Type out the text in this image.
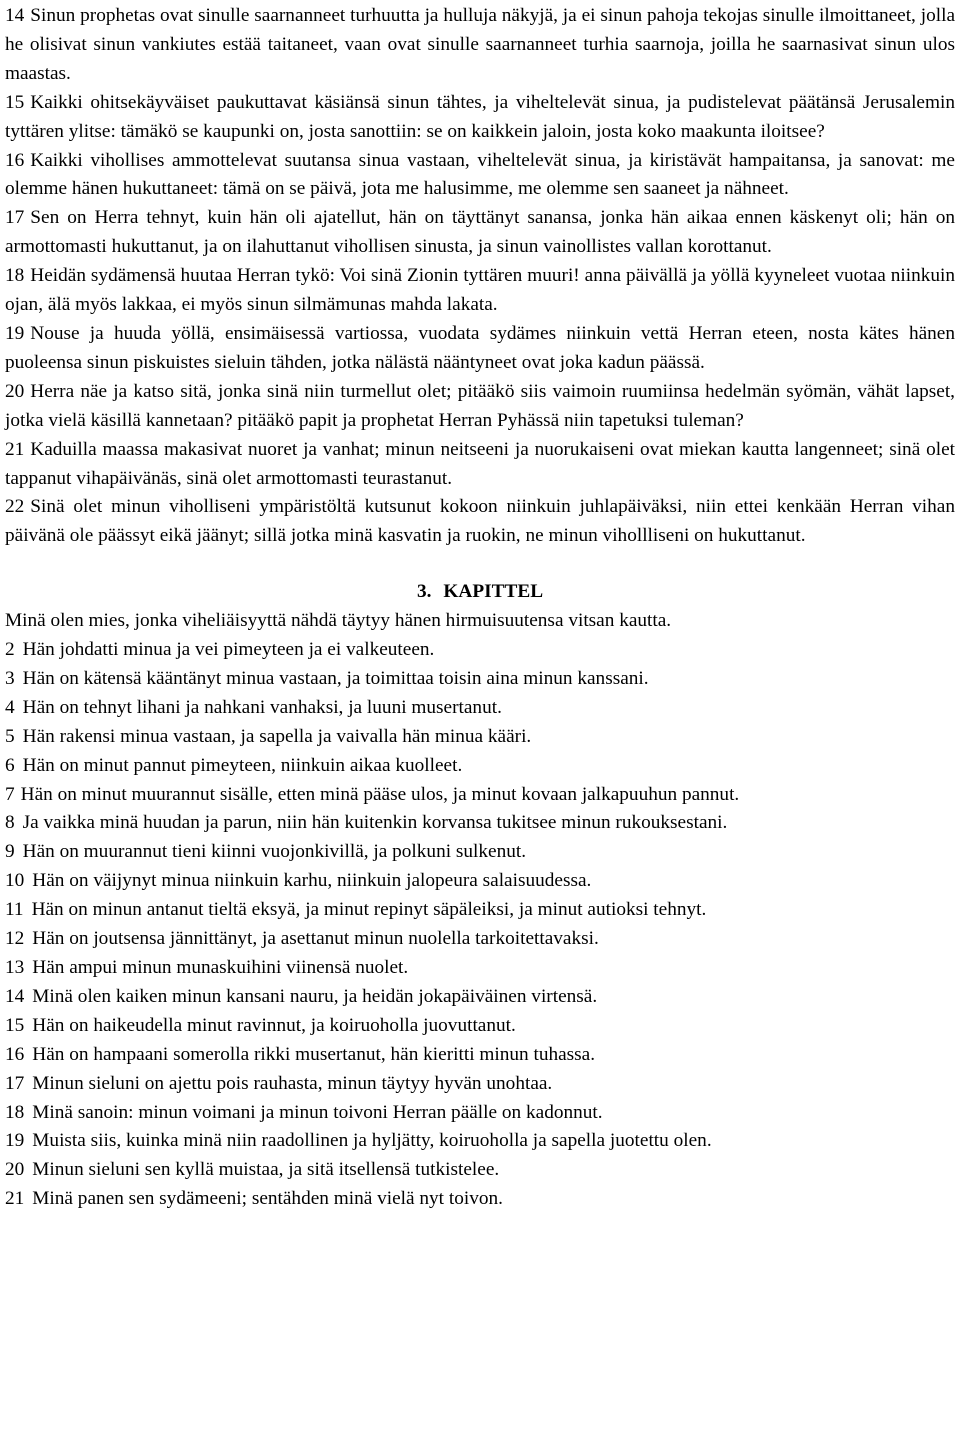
14 Sinun prophetas ovat sinulle saarnanneet turhuutta ja hulluja näkyjä, ja ei sinun pahoja tekojas sinulle ilmoittaneet, jolla he olisivat sinun vankiutes estää taitaneet, vaan ovat sinulle saarnanneet turhia saarnoja, joilla he saarnasivat sinun ulos maastas.

15 Kaikki ohitsekäyväiset paukuttavat käsiänsä sinun tähtes, ja viheltelevät sinua, ja pudistelevat päätänsä Jerusalemin tyttären ylitse: tämäkö se kaupunki on, josta sanottiin: se on kaikkein jaloin, josta koko maakunta iloitsee?

16 Kaikki vihollises ammottelevat suutansa sinua vastaan, viheltelevät sinua, ja kiristävät hampaitansa, ja sanovat: me olemme hänen hukuttaneet: tämä on se päivä, jota me halusimme, me olemme sen saaneet ja nähneet.

17 Sen on Herra tehnyt, kuin hän oli ajatellut, hän on täyttänyt sanansa, jonka hän aikaa ennen käskenyt oli; hän on armottomasti hukuttanut, ja on ilahuttanut vihollisen sinusta, ja sinun vainollistes vallan korottanut.

18 Heidän sydämensä huutaa Herran tykö: Voi sinä Zionin tyttären muuri! anna päivällä ja yöllä kyyneleet vuotaa niinkuin ojan, älä myös lakkaa, ei myös sinun silmämunas mahda lakata.

19 Nouse ja huuda yöllä, ensimäisessä vartiossa, vuodata sydämes niinkuin vettä Herran eteen, nosta kätes hänen puoleensa sinun piskuistes sieluin tähden, jotka nälästä nääntyneet ovat joka kadun päässä.

20 Herra näe ja katso sitä, jonka sinä niin turmellut olet; pitääkö siis vaimoin ruumiinsa hedelmän syömän, vähät lapset, jotka vielä käsillä kannetaan? pitääkö papit ja prophetat Herran Pyhässä niin tapetuksi tuleman?

21 Kaduilla maassa makasivat nuoret ja vanhat; minun neitseeni ja nuorukaiseni ovat miekan kautta langenneet; sinä olet tappanut vihapäivänäs, sinä olet armottomasti teurastanut.

22 Sinä olet minun viholliseni ympäristöltä kutsunut kokoon niinkuin juhlapäiväksi, niin ettei kenkään Herran vihan päivänä ole päässyt eikä jäänyt; sillä jotka minä kasvatin ja ruokin, ne minun vihollliseni on hukuttanut.

3. KAPITTEL

Minä olen mies, jonka viheliäisyyttä nähdä täytyy hänen hirmuisuutensa vitsan kautta.

2 Hän johdatti minua ja vei pimeyteen ja ei valkeuteen.

3 Hän on kätensä kääntänyt minua vastaan, ja toimittaa toisin aina minun kanssani.

4 Hän on tehnyt lihani ja nahkani vanhaksi, ja luuni musertanut.

5 Hän rakensi minua vastaan, ja sapella ja vaivalla hän minua kääri.

6 Hän on minut pannut pimeyteen, niinkuin aikaa kuolleet.

7 Hän on minut muurannut sisälle, etten minä pääse ulos, ja minut kovaan jalkapuuhun pannut.

8 Ja vaikka minä huudan ja parun, niin hän kuitenkin korvansa tukitsee minun rukouksestani.

9 Hän on muurannut tieni kiinni vuojonkivillä, ja polkuni sulkenut.

10 Hän on väijynyt minua niinkuin karhu, niinkuin jalopeura salaisuudessa.

11 Hän on minun antanut tieltä eksyä, ja minut repinyt säpäleiksi, ja minut autioksi tehnyt.

12 Hän on joutsensa jännittänyt, ja asettanut minun nuolella tarkoitettavaksi.

13 Hän ampui minun munaskuihini viinensä nuolet.

14 Minä olen kaiken minun kansani nauru, ja heidän jokapäiväinen virtensä.

15 Hän on haikeudella minut ravinnut, ja koiruoholla juovuttanut.

16 Hän on hampaani somerolla rikki musertanut, hän kieritti minun tuhassa.

17 Minun sieluni on ajettu pois rauhasta, minun täytyy hyvän unohtaa.

18 Minä sanoin: minun voimani ja minun toivoni Herran päälle on kadonnut.

19 Muista siis, kuinka minä niin raadollinen ja hyljätty, koiruoholla ja sapella juotettu olen.

20 Minun sieluni sen kyllä muistaa, ja sitä itsellensä tutkistelee.

21 Minä panen sen sydämeeni; sentähden minä vielä nyt toivon.
